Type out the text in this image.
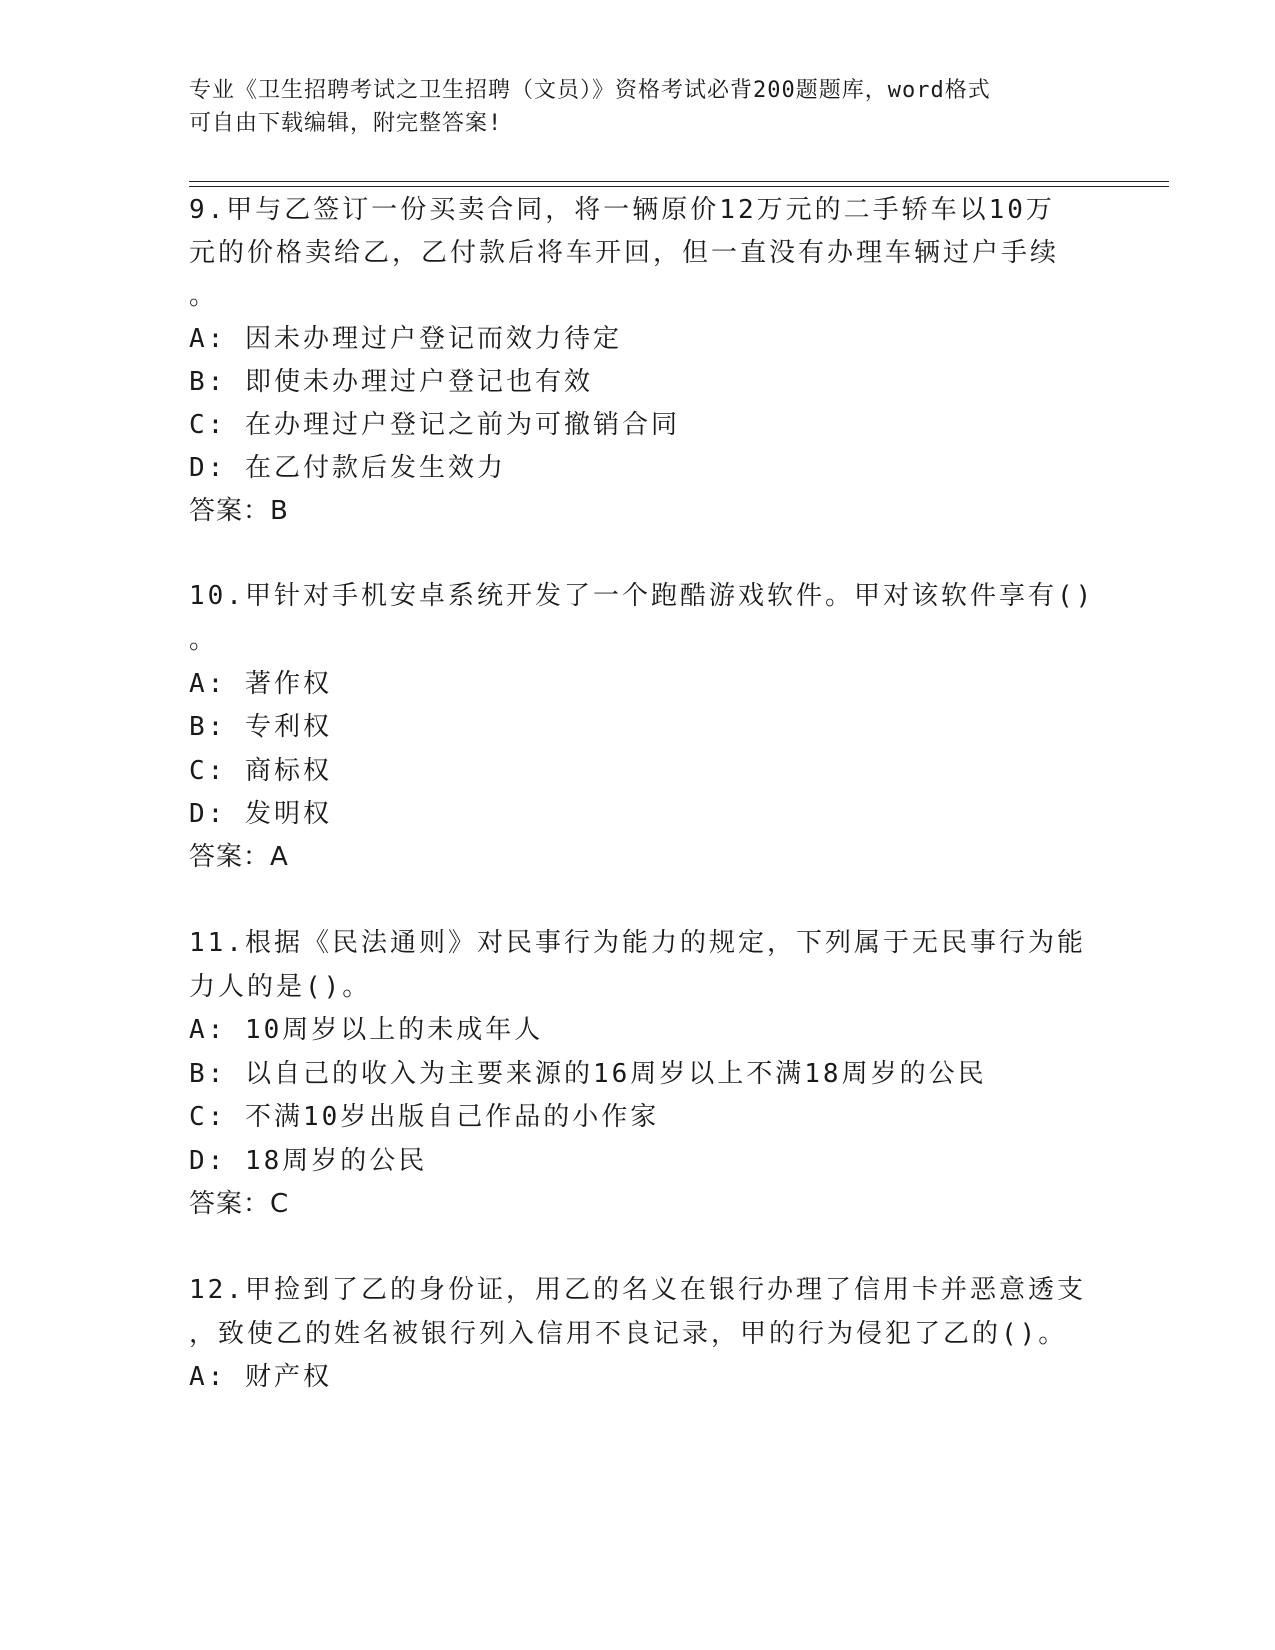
专业《卫生招聘考试之卫生招聘（文员）》资格考试必背200题题库，word格式
可自由下载编辑，附完整答案!
9.甲与乙签订一份买卖合同，将一辆原价12万元的二手轿车以10万
元的价格卖给乙，乙付款后将车开回，但一直没有办理车辆过户手续
。
A: 因未办理过户登记而效力待定
B: 即使未办理过户登记也有效
C: 在办理过户登记之前为可撤销合同
D: 在乙付款后发生效力
答案：B
10.甲针对手机安卓系统开发了一个跑酷游戏软件。甲对该软件享有()
。
A: 著作权
B: 专利权
C: 商标权
D: 发明权
答案：A
11.根据《民法通则》对民事行为能力的规定，下列属于无民事行为能
力人的是()。
A: 10周岁以上的未成年人
B: 以自己的收入为主要来源的16周岁以上不满18周岁的公民
C: 不满10岁出版自己作品的小作家
D: 18周岁的公民
答案：C
12.甲捡到了乙的身份证，用乙的名义在银行办理了信用卡并恶意透支
，致使乙的姓名被银行列入信用不良记录，甲的行为侵犯了乙的()。
A: 财产权
